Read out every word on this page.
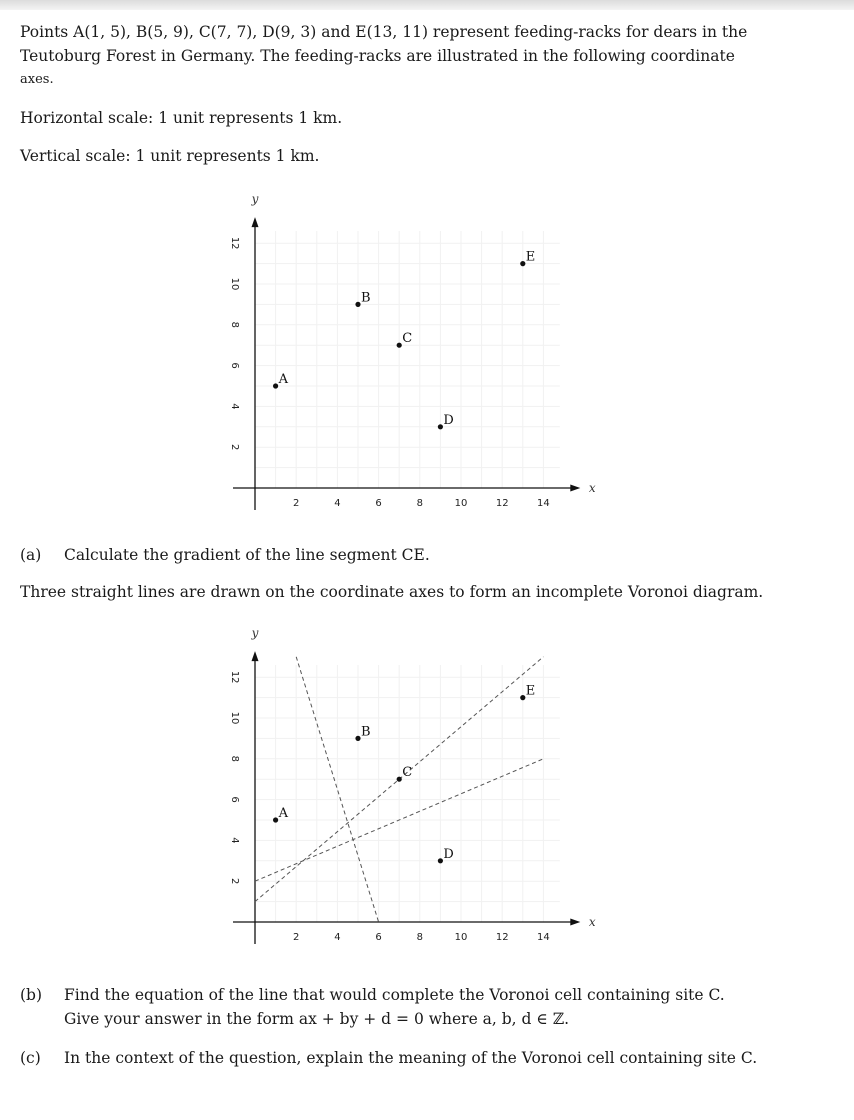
Points A(1, 5), B(5, 9), C(7, 7), D(9, 3) and E(13, 11) represent feeding-racks for dears in the
Teutoburg Forest in Germany. The feeding-racks are illustrated in the following coordinate
axes.
Horizontal scale: 1 unit represents 1 km.
Vertical scale: 1 unit represents 1 km.
x
y
2	4	6	8	10	12	14
2
4
6
8
10
12
A
B
C
D
E
(a) Calculate the gradient of the line segment CE.
Three straight lines are drawn on the coordinate axes to form an incomplete Voronoi diagram.
x
y
2	4	6	8	10	12	14
2
4
6
8
10
12
A
B
C
D
E
(b) Find the equation of the line that would complete the Voronoi cell containing site C.
Give your answer in the form ax + by + d = 0 where a, b, d ∈ ℤ.
(c) In the context of the question, explain the meaning of the Voronoi cell containing site C.
